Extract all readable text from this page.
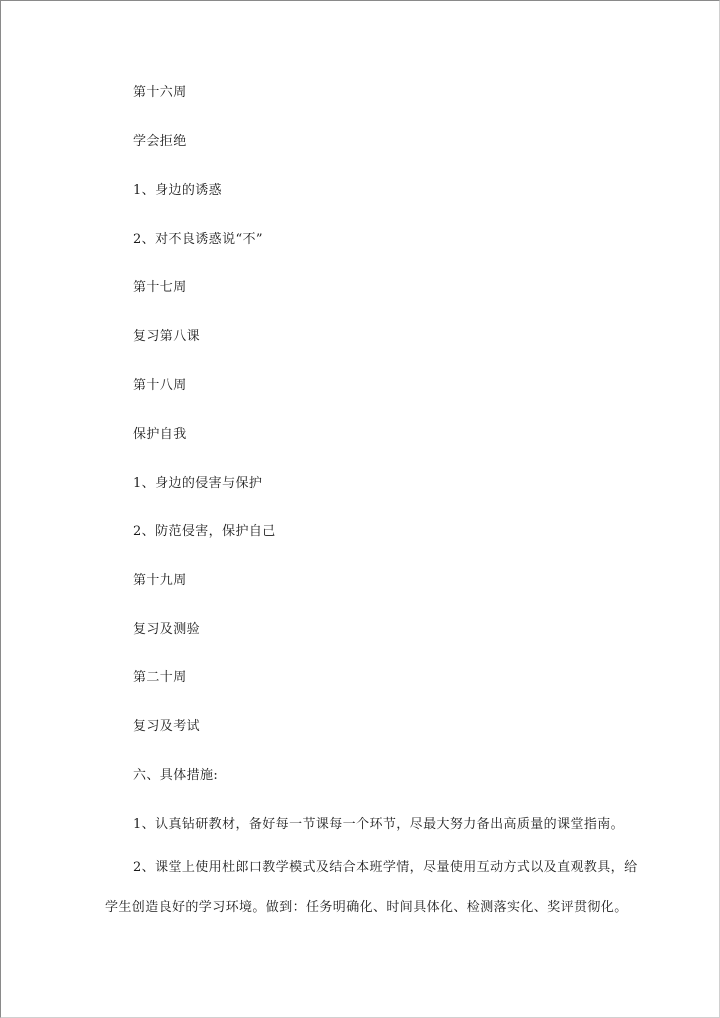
第十六周

学会拒绝

1、身边的诱惑

2、对不良诱惑说“不”

第十七周

复习第八课

第十八周

保护自我

1、身边的侵害与保护

2、防范侵害，保护自己

第十九周

复习及测验

第二十周

复习及考试

六、具体措施:

1、认真钻研教材，备好每一节课每一个环节，尽最大努力备出高质量的课堂指南。

2、课堂上使用杜郎口教学模式及结合本班学情，尽量使用互动方式以及直观教具，给
学生创造良好的学习环境。做到：任务明确化、时间具体化、检测落实化、奖评贯彻化。
